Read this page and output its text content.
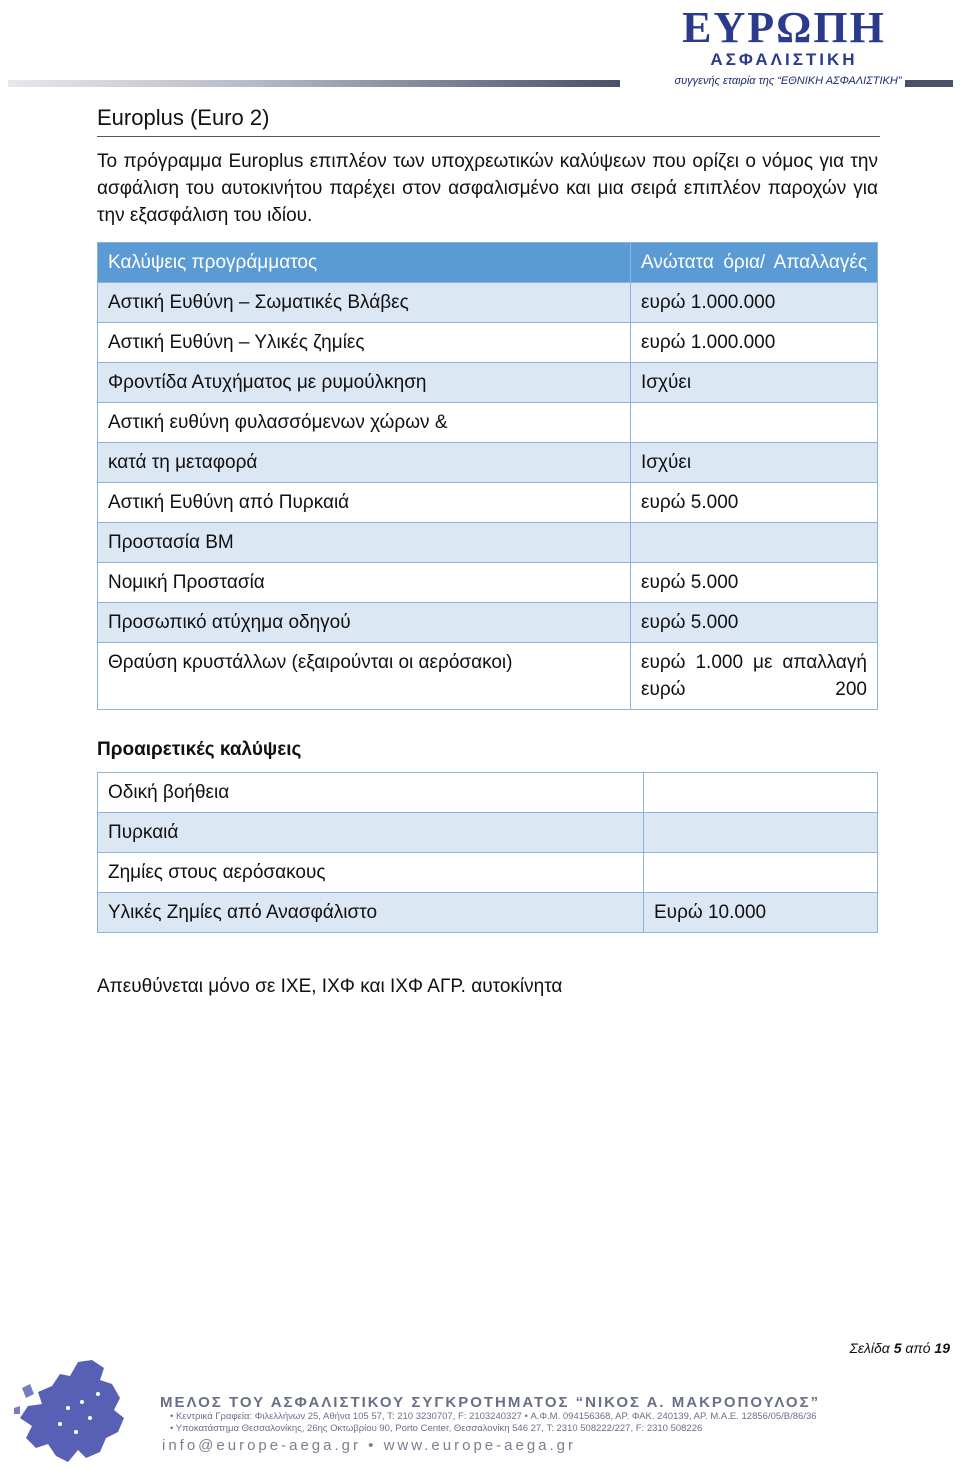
ΕΥΡΩΠΗ
ΑΣΦΑΛΙΣΤΙΚΗ
συγγενής εταιρία της “ΕΘΝΙΚΗ ΑΣΦΑΛΙΣΤΙΚΗ”
Europlus (Euro 2)
Το πρόγραμμα Europlus επιπλέον των υποχρεωτικών καλύψεων που ορίζει ο νόμος για την ασφάλιση του αυτοκινήτου παρέχει στον ασφαλισμένο και μια σειρά επιπλέον παροχών για την εξασφάλιση του ιδίου.
Καλύψεις προγράμματος	Ανώτατα όρια/ Απαλλαγές
Αστική Ευθύνη – Σωματικές Βλάβες	ευρώ 1.000.000
Αστική Ευθύνη – Υλικές ζημίες	ευρώ 1.000.000
Φροντίδα Ατυχήματος με ρυμούλκηση	Ισχύει
Αστική ευθύνη φυλασσόμενων χώρων &	
κατά τη μεταφορά	Ισχύει
Αστική Ευθύνη από Πυρκαιά	ευρώ 5.000
Προστασία ΒΜ	
Νομική Προστασία	ευρώ 5.000
Προσωπικό ατύχημα οδηγού	ευρώ 5.000
Θραύση κρυστάλλων (εξαιρούνται οι αερόσακοι)	ευρώ 1.000 με απαλλαγή ευρώ 200
Προαιρετικές καλύψεις
Οδική βοήθεια	
Πυρκαιά	
Ζημίες στους αερόσακους	
Υλικές Ζημίες από Ανασφάλιστο	Ευρώ 10.000
Απευθύνεται μόνο σε ΙΧΕ, ΙΧΦ και ΙΧΦ ΑΓΡ. αυτοκίνητα
Σελίδα 5 από 19
ΜΕΛΟΣ ΤΟΥ ΑΣΦΑΛΙΣΤΙΚΟΥ ΣΥΓΚΡΟΤΗΜΑΤΟΣ “ΝΙΚΟΣ Α. ΜΑΚΡΟΠΟΥΛΟΣ”
• Κεντρικά Γραφεία: Φιλελλήνων 25, Αθήνα 105 57, T: 210 3230707, F: 2103240327 • Α.Φ.Μ. 094156368, ΑΡ. ΦΑΚ. 240139, ΑΡ. Μ.Α.Ε. 12856/05/Β/86/36
• Υποκατάστημα Θεσσαλονίκης, 26ης Οκτωβρίου 90, Porto Center, Θεσσαλονίκη 546 27, T: 2310 508222/227, F: 2310 508226
info@europe-aega.gr • www.europe-aega.gr
